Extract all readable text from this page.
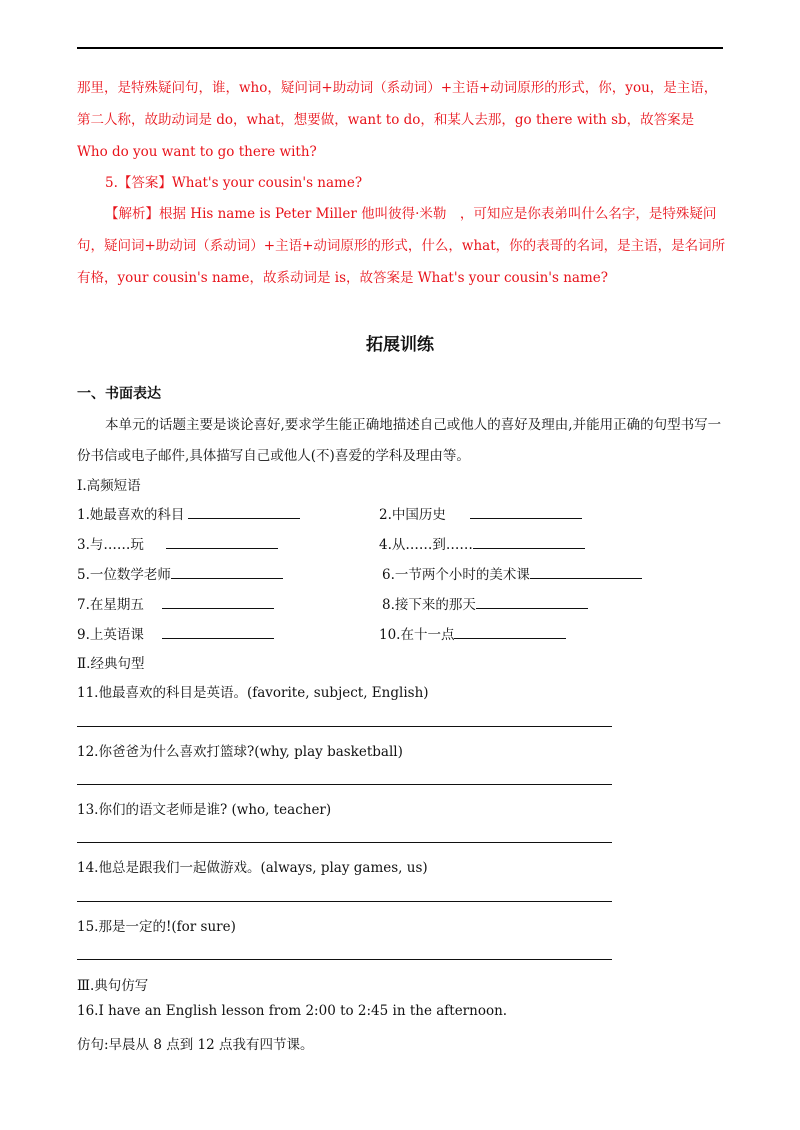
那里，是特殊疑问句，谁，who，疑问词+助动词（系动词）+主语+动词原形的形式，你，you，是主语，第二人称，故助动词是 do，what，想要做，want to do，和某人去那，go there with sb，故答案是 Who do you want to go there with?

5.【答案】What's your cousin's name?

【解析】根据 His name is Peter Miller 他叫彼得·米勒　，可知应是你表弟叫什么名字，是特殊疑问句，疑问词+助动词（系动词）+主语+动词原形的形式，什么，what，你的表哥的名词，是主语，是名词所有格，your cousin's name，故系动词是 is，故答案是 What's your cousin's name?

拓展训练
一、书面表达

本单元的话题主要是谈论喜好,要求学生能正确地描述自己或他人的喜好及理由,并能用正确的句型书写一份书信或电子邮件,具体描写自己或他人(不)喜爱的学科及理由等。

Ⅰ.高频短语
1.她最喜欢的科目	2.中国历史
3.与……玩	4.从……到……
5.一位数学老师	6.一节两个小时的美术课
7.在星期五	8.接下来的那天
9.上英语课	10.在十一点
Ⅱ.经典句型
11.他最喜欢的科目是英语。(favorite, subject, English)
12.你爸爸为什么喜欢打篮球?(why, play basketball)
13.你们的语文老师是谁? (who, teacher)
14.他总是跟我们一起做游戏。(always, play games, us)
15.那是一定的!(for sure)
Ⅲ.典句仿写
16.I have an English lesson from 2:00 to 2:45 in the afternoon.
仿句:早晨从 8 点到 12 点我有四节课。
